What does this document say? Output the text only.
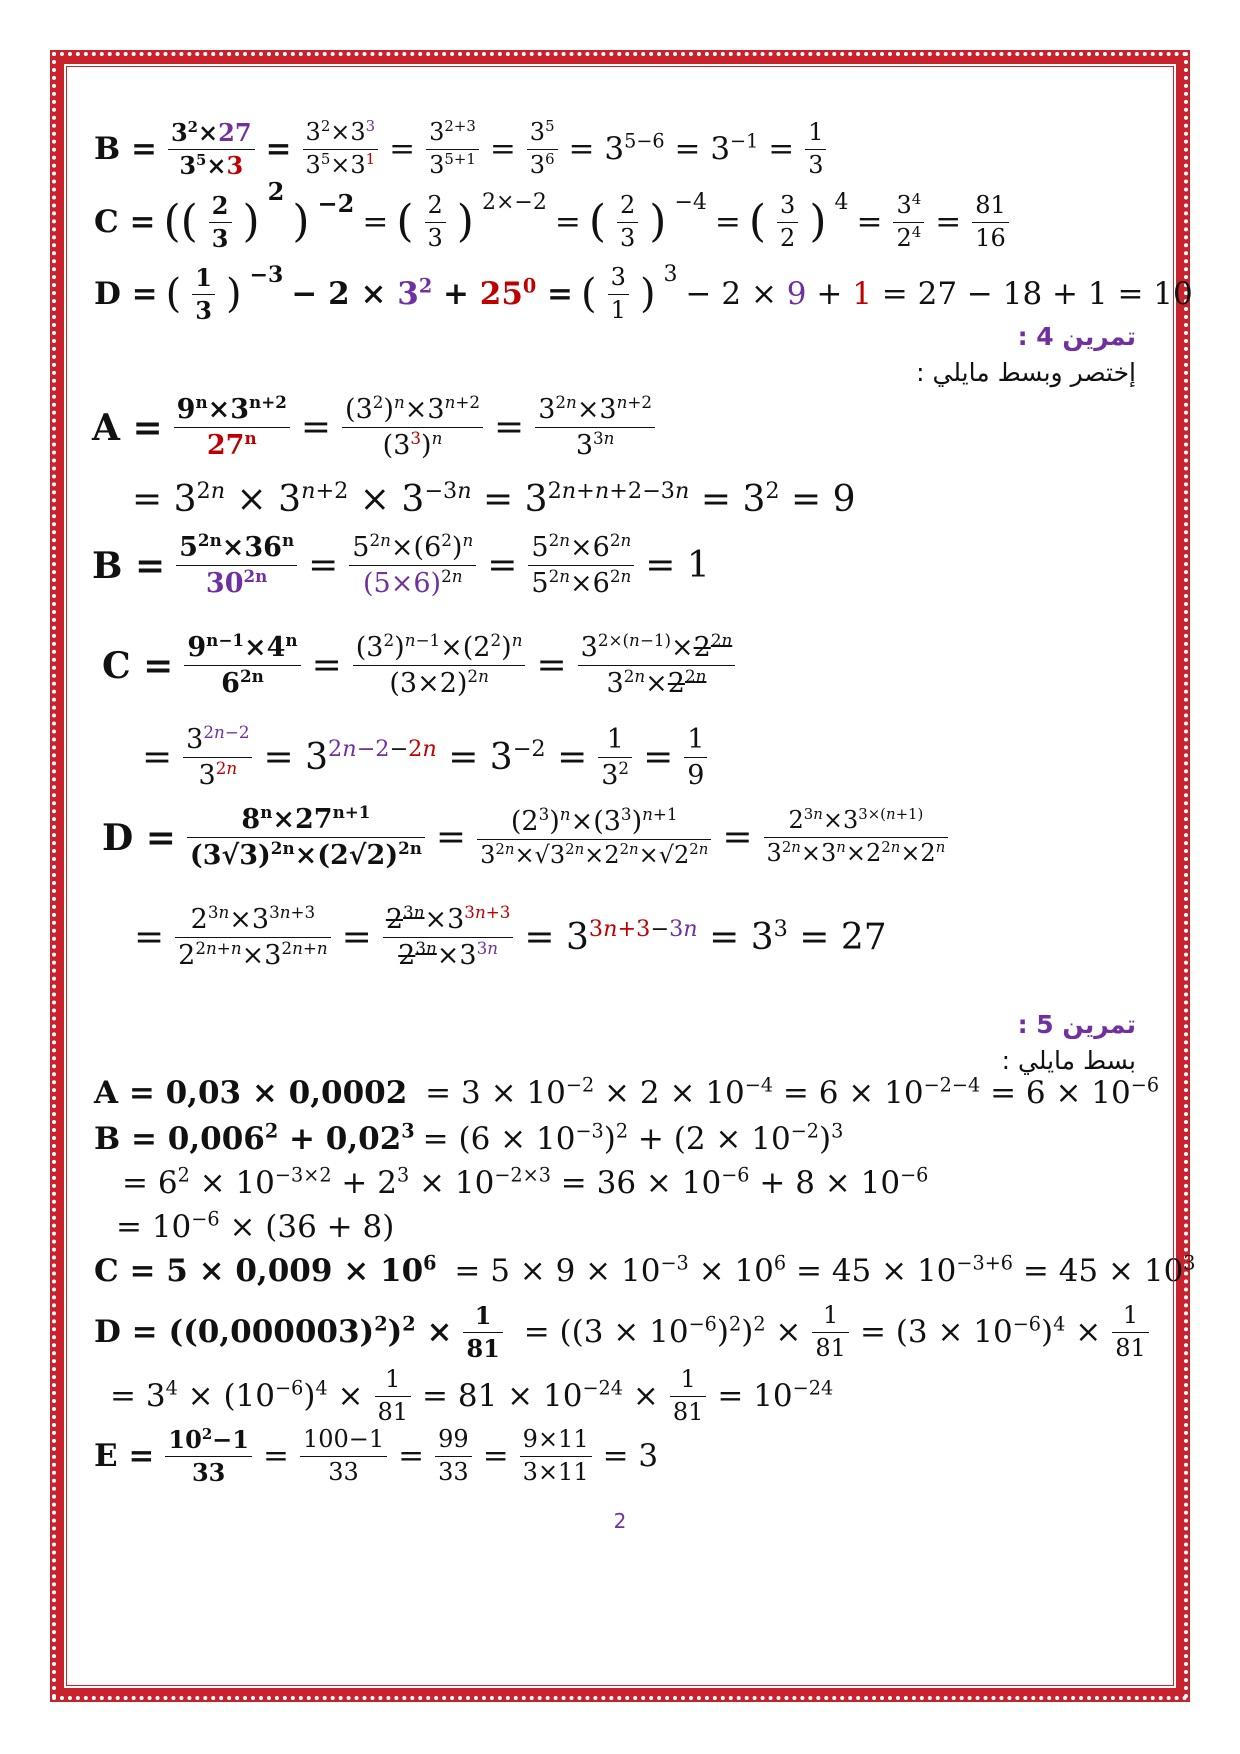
$B = \frac{3^2\times 27}{3^5\times 3} = \frac{3^2\times 3^3}{3^5\times 3^1} = \frac{3^{2+3}}{3^{5+1}} = \frac{3^5}{3^6} = 3^{5-6} = 3^{-1} = \frac{1}{3}$
C = (( $\frac{2}{3}$ )
2
) −2
= ( $\frac{2}{3}$ ) 2×−2
= ( $\frac{2}{3}$ ) −4
= ( $\frac{3}{2}$ ) 4
= $\frac{3^4}{2^4} = \frac{81}{16}$
D = ( $\frac{1}{3}$ ) −3
− $2 \times 3^2 + 25^0$ = ( $\frac{3}{1}$ ) 3
− 2 × 9 + 1 = 27 − 18 + 1 = 10
تمرين 4 :
إختصر وبسط مايلي :
$A = \frac{9^n\times 3^{n+2}}{27^n} = \frac{(3^2)^n\times 3^{n+2}}{(3^3)^n} = \frac{3^{2n}\times 3^{n+2}}{3^{3n}}$
= $3^{2n} \times 3^{n+2} \times 3^{-3n} = 3^{2n+n+2-3n} = 3^2 = 9$
$B = \frac{5^{2n}\times 36^n}{30^{2n}} = \frac{5^{2n}\times(6^2)^n}{(5\times 6)^{2n}} = \frac{5^{2n}\times 6^{2n}}{5^{2n}\times 6^{2n}} = 1$
$C = \frac{9^{n-1}\times 4^n}{6^{2n}} = \frac{(3^2)^{n-1}\times(2^2)^n}{(3\times 2)^{2n}} = \frac{3^{2\times(n-1)}\times 2^{2n}}{3^{2n}\times 2^{2n}}$
= $\frac{3^{2n-2}}{3^{2n}} = 3^{2n-2-2n} = 3^{-2} = \frac{1}{3^2} = \frac{1}{9}$
$D = \frac{8^n\times 27^{n+1}}{(3√3)^{2n}\times(2√2)^{2n}} = \frac{(2^3)^n\times(3^3)^{n+1}}{3^{2n}\times√3^{2n}\times 2^{2n}\times√2^{2n}} = \frac{2^{3n}\times 3^{3\times(n+1)}}{3^{2n}\times 3^n\times 2^{2n}\times 2^n}$
= $\frac{2^{3n}\times 3^{3n+3}}{2^{2n+n}\times 3^{2n+n}} = \frac{2^{3n}\times 3^{3n+3}}{2^{3n}\times 3^{3n}} = 3^{3n+3-3n} = 3^3 = 27$
تمرين 5 :
بسط مايلي :
$A = 0,03 \times 0,0002 = 3 \times 10^{-2} \times 2 \times 10^{-4} = 6 \times 10^{-2-4} = 6 \times 10^{-6}$
$B = 0,006^2 + 0,02^3 = (6 \times 10^{-3})^2 + (2 \times 10^{-2})^3$
= $6^2 \times 10^{-3\times 2} + 2^3 \times 10^{-2\times 3} = 36 \times 10^{-6} + 8 \times 10^{-6}$
= $10^{-6} \times (36 + 8)$
$C = 5 \times 0,009 \times 10^6 = 5 \times 9 \times 10^{-3} \times 10^6 = 45 \times 10^{-3+6} = 45 \times 10^3$
$D = ((0,000003)^2)^2 \times \frac{1}{81} = ((3 \times 10^{-6})^2)^2 \times \frac{1}{81} = (3 \times 10^{-6})^4 \times \frac{1}{81}$
= $3^4 \times (10^{-6})^4 \times \frac{1}{81} = 81 \times 10^{-24} \times \frac{1}{81} = 10^{-24}$
$E = \frac{10^2-1}{33} = \frac{100-1}{33} = \frac{99}{33} = \frac{9\times 11}{3\times 11} = 3$
2
